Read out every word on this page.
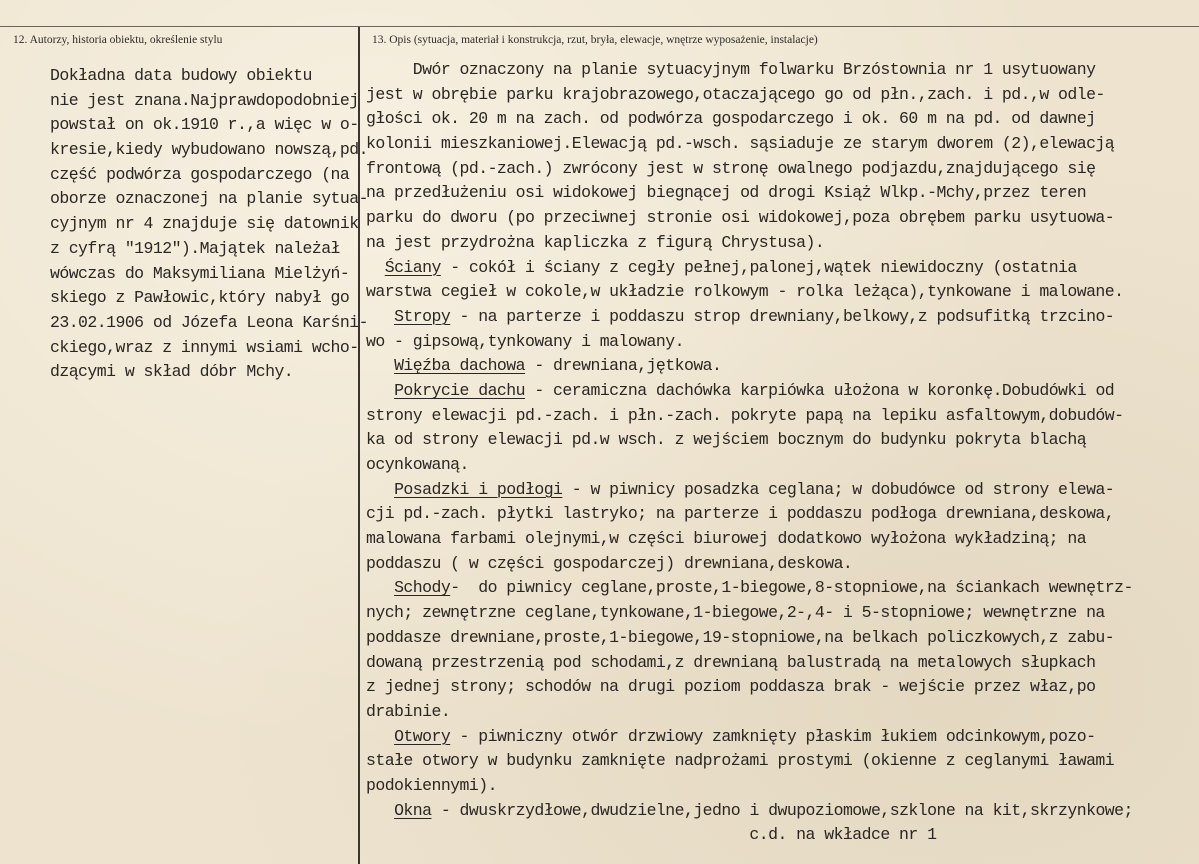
12. Autorzy, historia obiektu, określenie stylu	13. Opis (sytuacja, materiał i konstrukcja, rzut, bryła, elewacje, wnętrze wyposażenie, instalacje)
Dokładna data budowy obiektu
nie jest znana.Najprawdopodobniej
powstał on ok.1910 r.,a więc w o-
kresie,kiedy wybudowano nowszą,pd.
część podwórza gospodarczego (na
oborze oznaczonej na planie sytua-
cyjnym nr 4 znajduje się datownik
z cyfrą "1912").Majątek należał
wówczas do Maksymiliana Mielżyń-
skiego z Pawłowic,który nabył go
23.02.1906 od Józefa Leona Karśni-
ckiego,wraz z innymi wsiami wcho-
dzącymi w skład dóbr Mchy.
Dwór oznaczony na planie sytuacyjnym folwarku Brzóstownia nr 1 usytuowany
jest w obrębie parku krajobrazowego,otaczającego go od płn.,zach. i pd.,w odle-
głości ok. 20 m na zach. od podwórza gospodarczego i ok. 60 m na pd. od dawnej
kolonii mieszkaniowej.Elewacją pd.-wsch. sąsiaduje ze starym dworem (2),elewacją
frontową (pd.-zach.) zwrócony jest w stronę owalnego podjazdu,znajdującego się
na przedłużeniu osi widokowej biegnącej od drogi Książ Wlkp.-Mchy,przez teren
parku do dworu (po przeciwnej stronie osi widokowej,poza obrębem parku usytuowa-
na jest przydrożna kapliczka z figurą Chrystusa).
Ściany - cokół i ściany z cegły pełnej,palonej,wątek niewidoczny (ostatnia
warstwa cegieł w cokole,w układzie rolkowym - rolka leżąca),tynkowane i malowane.
Stropy - na parterze i poddaszu strop drewniany,belkowy,z podsufitką trzcino-
wo - gipsową,tynkowany i malowany.
Więźba dachowa - drewniana,jętkowa.
Pokrycie dachu - ceramiczna dachówka karpiówka ułożona w koronkę.Dobudówki od
strony elewacji pd.-zach. i płn.-zach. pokryte papą na lepiku asfaltowym,dobudów-
ka od strony elewacji pd.w wsch. z wejściem bocznym do budynku pokryta blachą
ocynkowaną.
Posadzki i podłogi - w piwnicy posadzka ceglana; w dobudówce od strony elewa-
cji pd.-zach. płytki lastryko; na parterze i poddaszu podłoga drewniana,deskowa,
malowana farbami olejnymi,w części biurowej dodatkowo wyłożona wykładziną; na
poddaszu ( w części gospodarczej) drewniana,deskowa.
Schody-  do piwnicy ceglane,proste,1-biegowe,8-stopniowe,na ściankach wewnętrz-
nych; zewnętrzne ceglane,tynkowane,1-biegowe,2-,4- i 5-stopniowe; wewnętrzne na
poddasze drewniane,proste,1-biegowe,19-stopniowe,na belkach policzkowych,z zabu-
dowaną przestrzenią pod schodami,z drewnianą balustradą na metalowych słupkach
z jednej strony; schodów na drugi poziom poddasza brak - wejście przez właz,po
drabinie.
Otwory - piwniczny otwór drzwiowy zamknięty płaskim łukiem odcinkowym,pozo-
stałe otwory w budynku zamknięte nadprożami prostymi (okienne z ceglanymi ławami
podokiennymi).
Okna - dwuskrzydłowe,dwudzielne,jedno i dwupoziomowe,szklone na kit,skrzynkowe;
c.d. na wkładce nr 1
